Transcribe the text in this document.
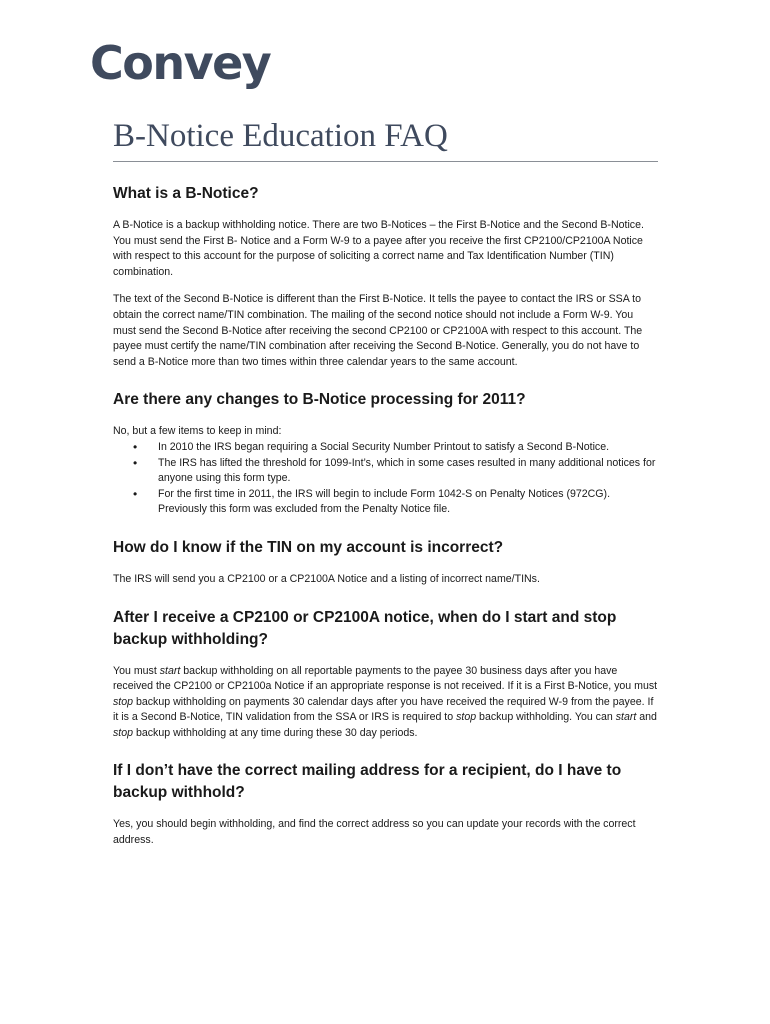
Convey
B-Notice Education FAQ
What is a B-Notice?

A B-Notice is a backup withholding notice. There are two B-Notices – the First B-Notice and the Second B-Notice. You must send the First B- Notice and a Form W-9 to a payee after you receive the first CP2100/CP2100A Notice with respect to this account for the purpose of soliciting a correct name and Tax Identification Number (TIN) combination.

The text of the Second B-Notice is different than the First B-Notice. It tells the payee to contact the IRS or SSA to obtain the correct name/TIN combination. The mailing of the second notice should not include a Form W-9. You must send the Second B-Notice after receiving the second CP2100 or CP2100A with respect to this account. The payee must certify the name/TIN combination after receiving the Second B-Notice. Generally, you do not have to send a B-Notice more than two times within three calendar years to the same account.

Are there any changes to B-Notice processing for 2011?

No, but a few items to keep in mind:

• In 2010 the IRS began requiring a Social Security Number Printout to satisfy a Second B-Notice.
• The IRS has lifted the threshold for 1099-Int’s, which in some cases resulted in many additional notices for anyone using this form type.
• For the first time in 2011, the IRS will begin to include Form 1042-S on Penalty Notices (972CG). Previously this form was excluded from the Penalty Notice file.
How do I know if the TIN on my account is incorrect?

The IRS will send you a CP2100 or a CP2100A Notice and a listing of incorrect name/TINs.

After I receive a CP2100 or CP2100A notice, when do I start and stop backup withholding?

You must start backup withholding on all reportable payments to the payee 30 business days after you have received the CP2100 or CP2100a Notice if an appropriate response is not received. If it is a First B-Notice, you must stop backup withholding on payments 30 calendar days after you have received the required W-9 from the payee. If it is a Second B-Notice, TIN validation from the SSA or IRS is required to stop backup withholding. You can start and stop backup withholding at any time during these 30 day periods.

If I don’t have the correct mailing address for a recipient, do I have to backup withhold?

Yes, you should begin withholding, and find the correct address so you can update your records with the correct address.
